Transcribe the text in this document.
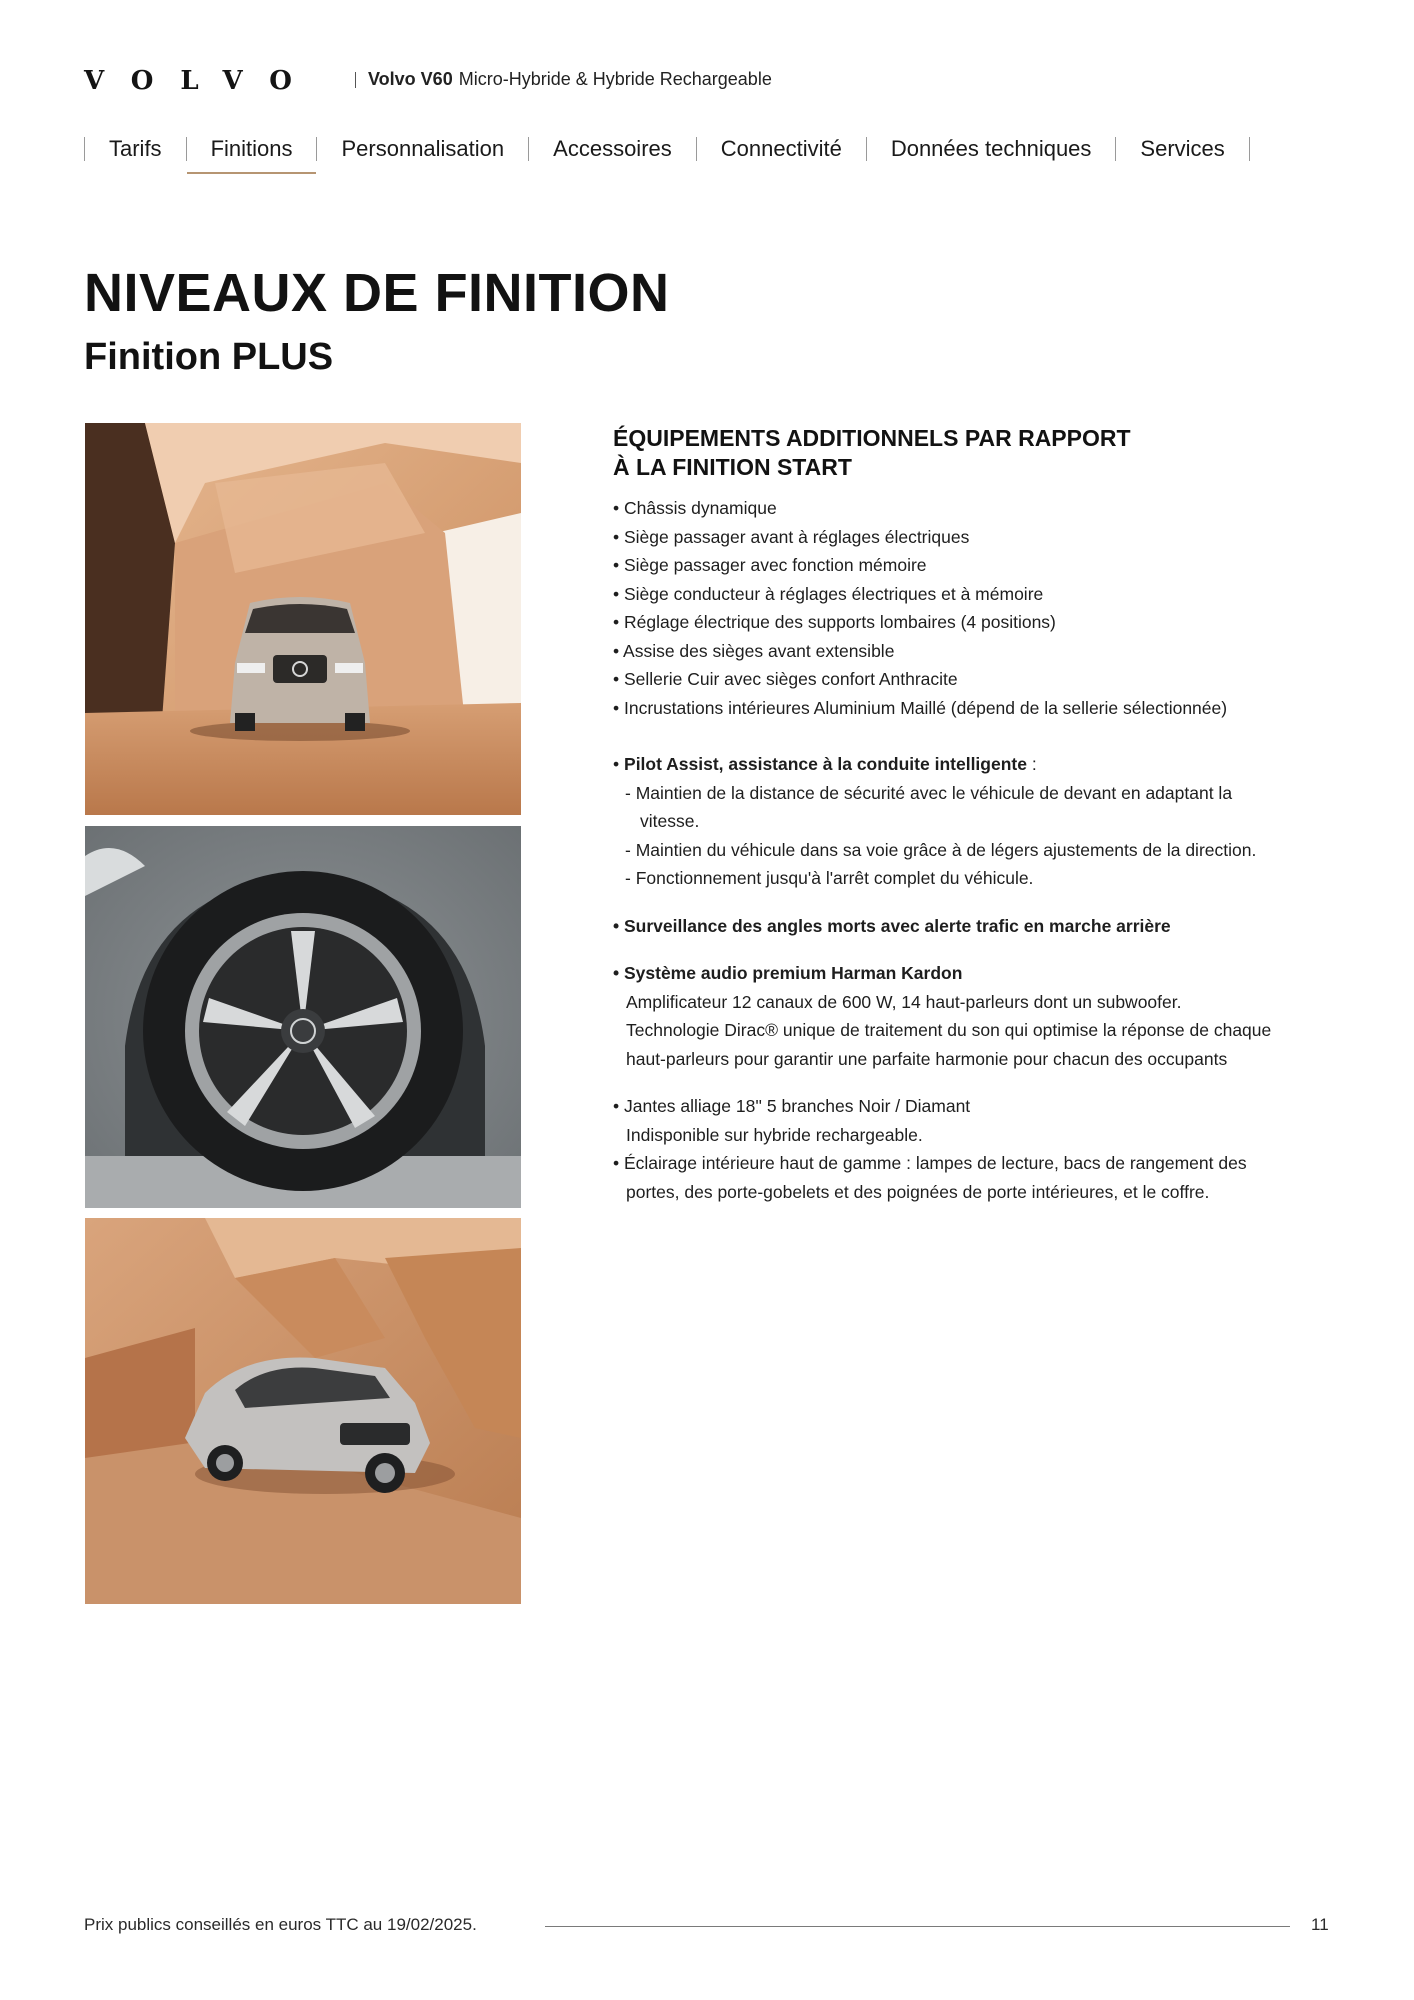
VOLVO	Volvo V60 Micro-Hybride & Hybride Rechargeable
Tarifs	Finitions	Personnalisation	Accessoires	Connectivité	Données techniques	Services
NIVEAUX DE FINITION
Finition PLUS
ÉQUIPEMENTS ADDITIONNELS PAR RAPPORT
À LA FINITION START
• Châssis dynamique
• Siège passager avant à réglages électriques
• Siège passager avec fonction mémoire
• Siège conducteur à réglages électriques et à mémoire
• Réglage électrique des supports lombaires (4 positions)
• Assise des sièges avant extensible
• Sellerie Cuir avec sièges confort Anthracite
• Incrustations intérieures Aluminium Maillé (dépend de la sellerie sélectionnée)
• Pilot Assist, assistance à la conduite intelligente :
- Maintien de la distance de sécurité avec le véhicule de devant en adaptant la
vitesse.
- Maintien du véhicule dans sa voie grâce à de légers ajustements de la direction.
- Fonctionnement jusqu'à l'arrêt complet du véhicule.
• Surveillance des angles morts avec alerte trafic en marche arrière
• Système audio premium Harman Kardon
Amplificateur 12 canaux de 600 W, 14 haut-parleurs dont un subwoofer.
Technologie Dirac® unique de traitement du son qui optimise la réponse de chaque
haut-parleurs pour garantir une parfaite harmonie pour chacun des occupants
• Jantes alliage 18'' 5 branches Noir / Diamant
Indisponible sur hybride rechargeable.
• Éclairage intérieure haut de gamme : lampes de lecture, bacs de rangement des
portes, des porte-gobelets et des poignées de porte intérieures, et le coffre.
Prix publics conseillés en euros TTC au 19/02/2025.	11
